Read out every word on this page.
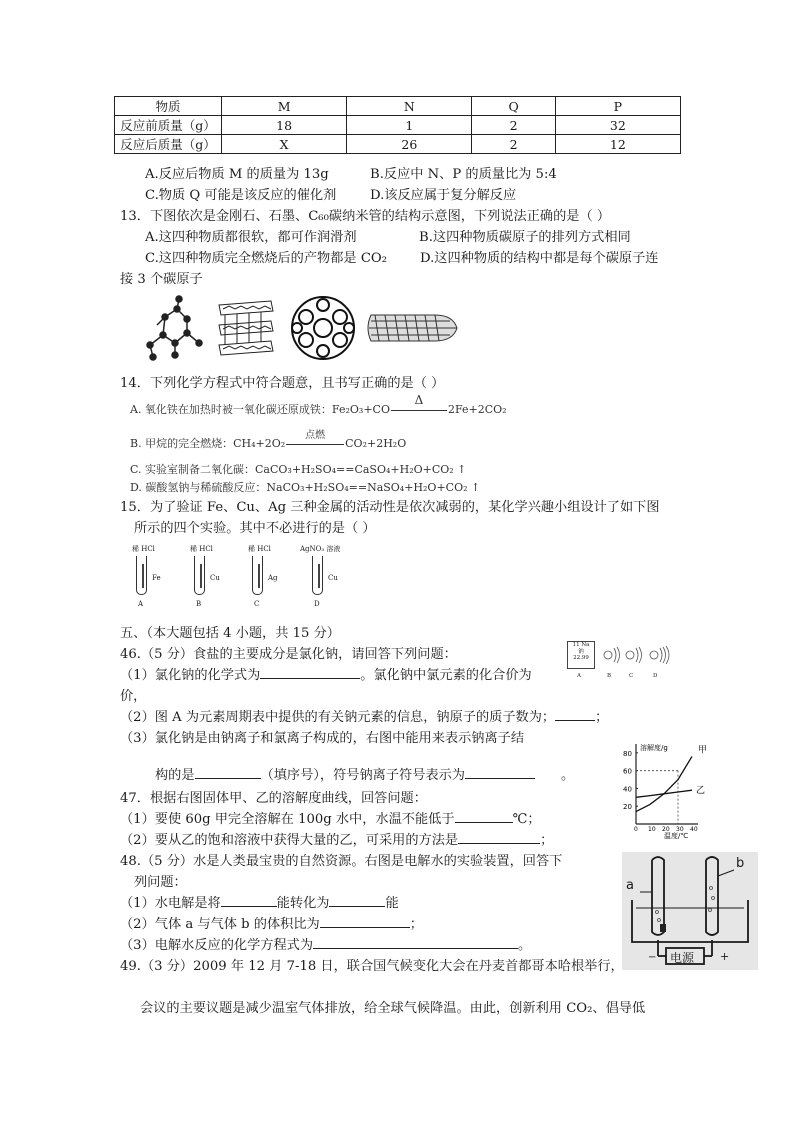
物质	M	N	Q	P
反应前质量（g）	18	1	2	32
反应后质量（g）	X	26	2	12
A.反应后物质 M 的质量为 13g	B.反应中 N、P 的质量比为 5:4
C.物质 Q 可能是该反应的催化剂	D.该反应属于复分解反应
13．下图依次是金刚石、石墨、C₆₀碳纳米管的结构示意图，下列说法正确的是（ ）
A.这四种物质都很软，都可作润滑剂	B.这四种物质碳原子的排列方式相同
C.这四种物质完全燃烧后的产物都是 CO₂ D.这四种物质的结构中都是每个碳原子连
接 3 个碳原子
14．下列化学方程式中符合题意，且书写正确的是（ ）
A. 氧化铁在加热时被一氧化碳还原成铁：Fe₂O₃+CO
Δ
2Fe+2CO₂
B. 甲烷的完全燃烧：CH₄+2O₂
点燃
CO₂+2H₂O
C. 实验室制备二氧化碳：CaCO₃+H₂SO₄==CaSO₄+H₂O+CO₂ ↑
D. 碳酸氢钠与稀硫酸反应：NaCO₃+H₂SO₄==NaSO₄+H₂O+CO₂ ↑
15．为了验证 Fe、Cu、Ag 三种金属的活动性是依次减弱的，某化学兴趣小组设计了如下图
所示的四个实验。其中不必进行的是（ ）
稀 HCl
Fe
A
稀 HCl
Cu
B
稀 HCl
Ag
C
AgNO₃ 溶液
Cu
D
五、（本大题包括 4 小题，共 15 分）
46.（5 分）食盐的主要成分是氯化钠，请回答下列问题：
（1）氯化钠的化学式为	。氯化钠中氯元素的化合价为
价，
（2）图 A 为元素周期表中提供的有关钠元素的信息，钠原子的质子数为；	；
（3）氯化钠是由钠离子和氯离子构成的，右图中能用来表示钠离子结
构的是	（填序号），符号钠离子符号表示为	。
11 Na
钠
22.99
A	B	C	D
溶解度/g
温度/℃
80
60
40
20
0 10 20 30 40
甲
乙
47．根据右图固体甲、乙的溶解度曲线，回答问题：
（1）要使 60g 甲完全溶解在 100g 水中，水温不能低于	℃；
（2）要从乙的饱和溶液中获得大量的乙，可采用的方法是	；
48.（5 分）水是人类最宝贵的自然资源。右图是电解水的实验装置，回答下
列问题：
（1）水电解是将	能转化为	能
（2）气体 a 与气体 b 的体积比为	；
（3）电解水反应的化学方程式为	。
a
b
电源
−	+
49.（3 分）2009 年 12 月 7-18 日，联合国气候变化大会在丹麦首都哥本哈根举行，
会议的主要议题是减少温室气体排放，给全球气候降温。由此，创新利用 CO₂、倡导低
